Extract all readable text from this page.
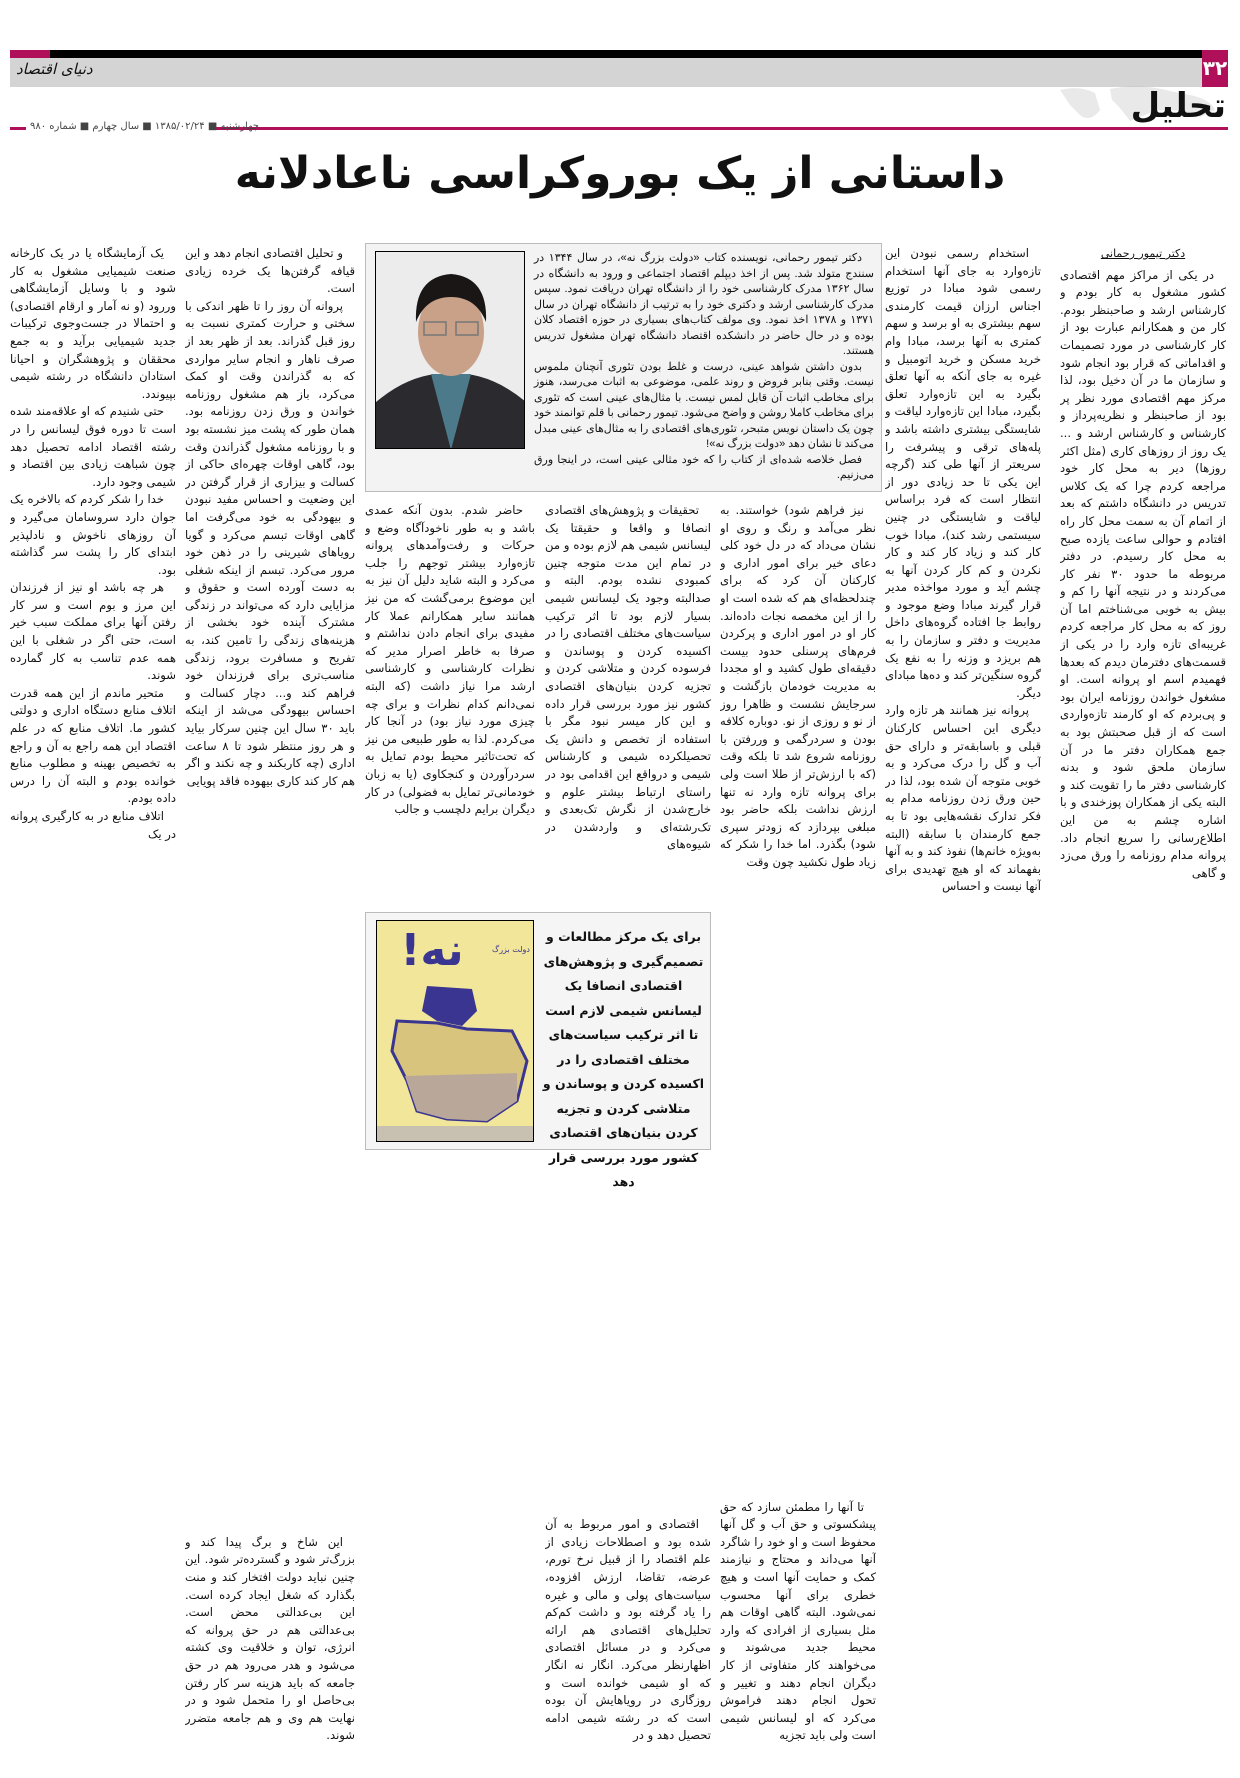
دنیای اقتصاد	۳۲
تحلیل
چهارشنبه ■ ۱۳۸۵/۰۲/۲۴ ■ سال چهارم ■ شماره ۹۸۰
داستانی از یک بوروکراسی ناعادلانه

دکتر تیمور رحمانی، نویسنده کتاب «دولت بزرگ نه»، در سال ۱۳۴۴ در سنندج متولد شد. پس از اخذ دیپلم اقتصاد اجتماعی و ورود به دانشگاه در سال ۱۳۶۲ مدرک کارشناسی خود را از دانشگاه تهران دریافت نمود. سپس مدرک کارشناسی ارشد و دکتری خود را به ترتیب از دانشگاه تهران در سال ۱۳۷۱ و ۱۳۷۸ اخذ نمود. وی مولف کتاب‌های بسیاری در حوزه اقتصاد کلان بوده و در حال حاضر در دانشکده اقتصاد دانشگاه تهران مشغول تدریس هستند.

بدون داشتن شواهد عینی، درست و غلط بودن تئوری آنچنان ملموس نیست. وقتی بنابر فروض و روند علمی، موضوعی به اثبات می‌رسد، هنوز برای مخاطب اثبات آن قابل لمس نیست. با مثال‌های عینی است که تئوری برای مخاطب کاملا روشن و واضح می‌شود. تیمور رحمانی با قلم توانمند خود چون یک داستان نویس متبحر، تئوری‌های اقتصادی را به مثال‌های عینی مبدل می‌کند تا نشان دهد «دولت بزرگ نه»!

فصل خلاصه شده‌ای از کتاب را که خود مثالی عینی است، در اینجا ورق می‌زنیم.

دکتر تیمور رحمانی

در یکی از مراکز مهم اقتصادی کشور مشغول به کار بودم و کارشناس ارشد و صاحبنظر بودم. کار من و همکارانم عبارت بود از کار کارشناسی در مورد تصمیمات و اقداماتی که قرار بود انجام شود و سازمان ما در آن دخیل بود، لذا مرکز مهم اقتصادی مورد نظر پر بود از صاحبنظر و نظریه‌پرداز و کارشناس و کارشناس ارشد و ... یک روز از روزهای کاری (مثل اکثر روزها) دیر به محل کار خود مراجعه کردم چرا که یک کلاس تدریس در دانشگاه داشتم که بعد از اتمام آن به سمت محل کار راه افتادم و حوالی ساعت یازده صبح به محل کار رسیدم. در دفتر مربوطه ما حدود ۳۰ نفر کار می‌کردند و در نتیجه آنها را کم و بیش به خوبی می‌شناختم اما آن روز که به محل کار مراجعه کردم غریبه‌ای تازه وارد را در یکی از قسمت‌های دفترمان دیدم که بعدها فهمیدم اسم او پروانه است. او مشغول خواندن روزنامه ایران بود و پی‌بردم که او کارمند تازه‌واردی است که از قبل صحبتش بود به جمع همکاران دفتر ما در آن سازمان ملحق شود و بدنه کارشناسی دفتر ما را تقویت کند و البته یکی از همکاران پوزخندی و با اشاره چشم به من این اطلاع‌رسانی را سریع انجام داد. پروانه مدام روزنامه را ورق می‌زد و گاهی

استخدام رسمی نبودن این تازه‌وارد به جای آنها استخدام رسمی شود مبادا در توزیع اجناس ارزان قیمت کارمندی سهم بیشتری به او برسد و سهم کمتری به آنها برسد، مبادا وام خرید مسکن و خرید اتومبیل و غیره به جای آنکه به آنها تعلق بگیرد به این تازه‌وارد تعلق بگیرد، مبادا این تازه‌وارد لیاقت و شایستگی بیشتری داشته باشد و پله‌های ترقی و پیشرفت را سریعتر از آنها طی کند (گرچه این یکی تا حد زیادی دور از انتظار است که فرد براساس لیاقت و شایستگی در چنین سیستمی رشد کند)، مبادا خوب کار کند و زیاد کار کند و کار نکردن و کم کار کردن آنها به چشم آید و مورد مواخذه مدیر قرار گیرند مبادا وضع موجود و روابط جا افتاده گروه‌های داخل مدیریت و دفتر و سازمان را به هم بریزد و وزنه را به نفع یک گروه سنگین‌تر کند و ده‌ها مبادای دیگر.

پروانه نیز همانند هر تازه وارد دیگری این احساس کارکنان قبلی و باسابقه‌تر و دارای حق آب و گل را درک می‌کرد و به خوبی متوجه آن شده بود، لذا در حین ورق زدن روزنامه مدام به فکر تدارک نقشه‌هایی بود تا به جمع کارمندان با سابقه (البته به‌ویژه خانم‌ها) نفوذ کند و به آنها بفهماند که او هیچ تهدیدی برای آنها نیست و احساس

نیز فراهم شود) خواستند. به نظر می‌آمد و رنگ و روی او نشان می‌داد که در دل خود کلی دعای خیر برای امور اداری و کارکنان آن کرد که برای چندلحظه‌ای هم که شده است او را از این مخمصه نجات داده‌اند. کار او در امور اداری و پرکردن فرم‌های پرسنلی حدود بیست دقیقه‌ای طول کشید و او مجددا به مدیریت خودمان بازگشت و سرجایش نشست و ظاهرا روز از نو و روزی از نو. دوباره کلافه بودن و سردرگمی و وررفتن با روزنامه شروع شد تا بلکه وقت (که با ارزش‌تر از طلا است ولی برای پروانه تازه وارد نه تنها ارزش نداشت بلکه حاضر بود مبلغی بپردازد که زودتر سپری شود) بگذرد. اما خدا را شکر که زیاد طول نکشید چون وقت

تا آنها را مطمئن سازد که حق پیشکسوتی و حق آب و گل آنها محفوظ است و او خود را شاگرد آنها می‌داند و محتاج و نیازمند کمک و حمایت آنها است و هیچ خطری برای آنها محسوب نمی‌شود. البته گاهی اوقات هم مثل بسیاری از افرادی که وارد محیط جدید می‌شوند و می‌خواهند کار متفاوتی از کار دیگران انجام دهند و تغییر و تحول انجام دهند فراموش می‌کرد که او لیسانس شیمی است ولی باید تجزیه

تحقیقات و پژوهش‌های اقتصادی انصافا و واقعا و حقیقتا یک لیسانس شیمی هم لازم بوده و من در تمام این مدت متوجه چنین کمبودی نشده بودم. البته و صدالبته وجود یک لیسانس شیمی بسیار لازم بود تا اثر ترکیب سیاست‌های مختلف اقتصادی را در اکسیده کردن و پوساندن و فرسوده کردن و متلاشی کردن و تجزیه کردن بنیان‌های اقتصادی کشور نیز مورد بررسی قرار داده و این کار میسر نبود مگر با استفاده از تخصص و دانش یک تحصیلکرده شیمی و کارشناس شیمی و درواقع این اقدامی بود در راستای ارتباط بیشتر علوم و خارج‌شدن از نگرش تک‌بعدی و تک‌رشته‌ای و واردشدن در شیوه‌های

اقتصادی و امور مربوط به آن شده بود و اصطلاحات زیادی از علم اقتصاد را از قبیل نرخ تورم، عرضه، تقاضا، ارزش افزوده، سیاست‌های پولی و مالی و غیره را یاد گرفته بود و داشت کم‌کم تحلیل‌های اقتصادی هم ارائه می‌کرد و در مسائل اقتصادی اظهارنظر می‌کرد. انگار نه انگار که او شیمی خوانده است و روزگاری در رویاهایش آن بوده است که در رشته شیمی ادامه تحصیل دهد و در

حاضر شدم. بدون آنکه عمدی باشد و به طور ناخودآگاه وضع و حرکات و رفت‌وآمدهای پروانه تازه‌وارد بیشتر توجهم را جلب می‌کرد و البته شاید دلیل آن نیز به این موضوع برمی‌گشت که من نیز همانند سایر همکارانم عملا کار مفیدی برای انجام دادن نداشتم و صرفا به خاطر اصرار مدیر که نظرات کارشناسی و کارشناسی ارشد مرا نیاز داشت (که البته نمی‌دانم کدام نظرات و برای چه چیزی مورد نیاز بود) در آنجا کار می‌کردم. لذا به طور طبیعی من نیز که تحت‌تاثیر محیط بودم تمایل به سردرآوردن و کنجکاوی (یا به زبان خودمانی‌تر تمایل به فضولی) در کار دیگران برایم دلچسب و جالب

و تحلیل اقتصادی انجام دهد و این قیافه گرفتن‌ها یک خرده زیادی است.

پروانه آن روز را تا ظهر اندکی با سختی و حرارت کمتری نسبت به روز قبل گذراند. بعد از ظهر بعد از صرف ناهار و انجام سایر مواردی که به گذراندن وقت او کمک می‌کرد، باز هم مشغول روزنامه خواندن و ورق زدن روزنامه بود. همان طور که پشت میز نشسته بود و با روزنامه مشغول گذراندن وقت بود، گاهی اوقات چهره‌ای حاکی از کسالت و بیزاری از قرار گرفتن در این وضعیت و احساس مفید نبودن و بیهودگی به خود می‌گرفت اما گاهی اوقات تبسم می‌کرد و گویا رویاهای شیرینی را در ذهن خود مرور می‌کرد. تبسم از اینکه شغلی به دست آورده است و حقوق و مزایایی دارد که می‌تواند در زندگی مشترک آینده خود بخشی از هزینه‌های زندگی را تامین کند، به تفریح و مسافرت برود، زندگی مناسب‌تری برای فرزندان خود فراهم کند و... دچار کسالت و احساس بیهودگی می‌شد از اینکه باید ۳۰ سال این چنین سرکار بیاید و هر روز منتظر شود تا ۸ ساعت اداری (چه کاربکند و چه نکند و اگر هم کار کند کاری بیهوده فاقد پویایی

این شاخ و برگ پیدا کند و بزرگ‌تر شود و گسترده‌تر شود. این چنین نباید دولت افتخار کند و منت بگذارد که شغل ایجاد کرده است. این بی‌عدالتی محض است. بی‌عدالتی هم در حق پروانه که انرژی، توان و خلاقیت وی کشته می‌شود و هدر می‌رود هم در حق جامعه که باید هزینه سر کار رفتن بی‌حاصل او را متحمل شود و در نهایت هم وی و هم جامعه متضرر شوند.

یک آزمایشگاه یا در یک کارخانه صنعت شیمیایی مشغول به کار شود و با وسایل آزمایشگاهی وررود (و نه آمار و ارقام اقتصادی) و احتمالا در جست‌وجوی ترکیبات جدید شیمیایی برآید و به جمع محققان و پژوهشگران و احیانا استادان دانشگاه در رشته شیمی بپیوندد.

حتی شنیدم که او علاقه‌مند شده است تا دوره فوق لیسانس را در رشته اقتصاد ادامه تحصیل دهد چون شباهت زیادی بین اقتصاد و شیمی وجود دارد.

خدا را شکر کردم که بالاخره یک جوان دارد سروسامان می‌گیرد و آن روزهای ناخوش و نادلپذیر ابتدای کار را پشت سر گذاشته بود.

هر چه باشد او نیز از فرزندان این مرز و بوم است و سر کار رفتن آنها برای مملکت سبب خیر است، حتی اگر در شغلی با این همه عدم تناسب به کار گمارده شوند.

متحیر ماندم از این همه قدرت اتلاف منابع دستگاه اداری و دولتی کشور ما. اتلاف منابع که در علم اقتصاد این همه راجع به آن و راجع به تخصیص بهینه و مطلوب منابع خوانده بودم و البته آن را درس داده بودم.

اتلاف منابع در به کارگیری پروانه در یک

نه!	دولت بزرگ
برای یک مرکز مطالعات و تصمیم‌گیری و پژوهش‌های اقتصادی انصافا یک لیسانس شیمی لازم است تا اثر ترکیب سیاست‌های مختلف اقتصادی را در اکسیده کردن و پوساندن و متلاشی کردن و تجزیه کردن بنیان‌های اقتصادی کشور مورد بررسی قرار دهد
